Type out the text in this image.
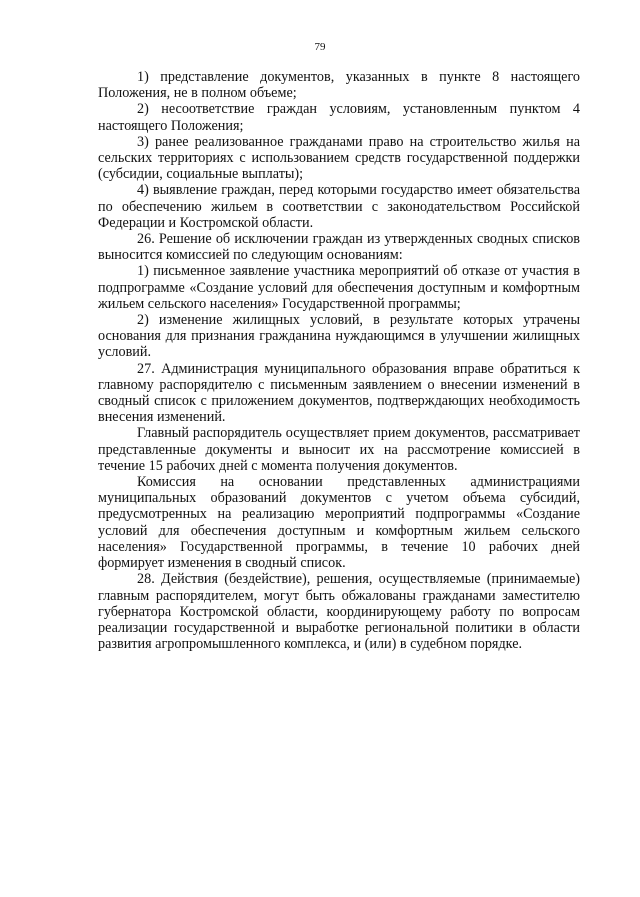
79

1) представление документов, указанных в пункте 8 настоящего Положения, не в полном объеме;

2) несоответствие граждан условиям, установленным пунктом 4 настоящего Положения;

3) ранее реализованное гражданами право на строительство жилья на сельских территориях с использованием средств государственной поддержки (субсидии, социальные выплаты);

4) выявление граждан, перед которыми государство имеет обязательства по обеспечению жильем в соответствии с законодательством Российской Федерации и Костромской области.

26. Решение об исключении граждан из утвержденных сводных списков выносится комиссией по следующим основаниям:

1) письменное заявление участника мероприятий об отказе от участия в подпрограмме «Создание условий для обеспечения доступным и комфортным жильем сельского населения» Государственной программы;

2) изменение жилищных условий, в результате которых утрачены основания для признания гражданина нуждающимся в улучшении жилищных условий.

27. Администрация муниципального образования вправе обратиться к главному распорядителю с письменным заявлением о внесении изменений в сводный список с приложением документов, подтверждающих необходимость внесения изменений.

Главный распорядитель осуществляет прием документов, рассматривает представленные документы и выносит их на рассмотрение комиссией в течение 15 рабочих дней с момента получения документов.

Комиссия на основании представленных администрациями муниципальных образований документов с учетом объема субсидий, предусмотренных на реализацию мероприятий подпрограммы «Создание условий для обеспечения доступным и комфортным жильем сельского населения» Государственной программы, в течение 10 рабочих дней формирует изменения в сводный список.

28. Действия (бездействие), решения, осуществляемые (принимаемые) главным распорядителем, могут быть обжалованы гражданами заместителю губернатора Костромской области, координирующему работу по вопросам реализации государственной и выработке региональной политики в области развития агропромышленного комплекса, и (или) в судебном порядке.
